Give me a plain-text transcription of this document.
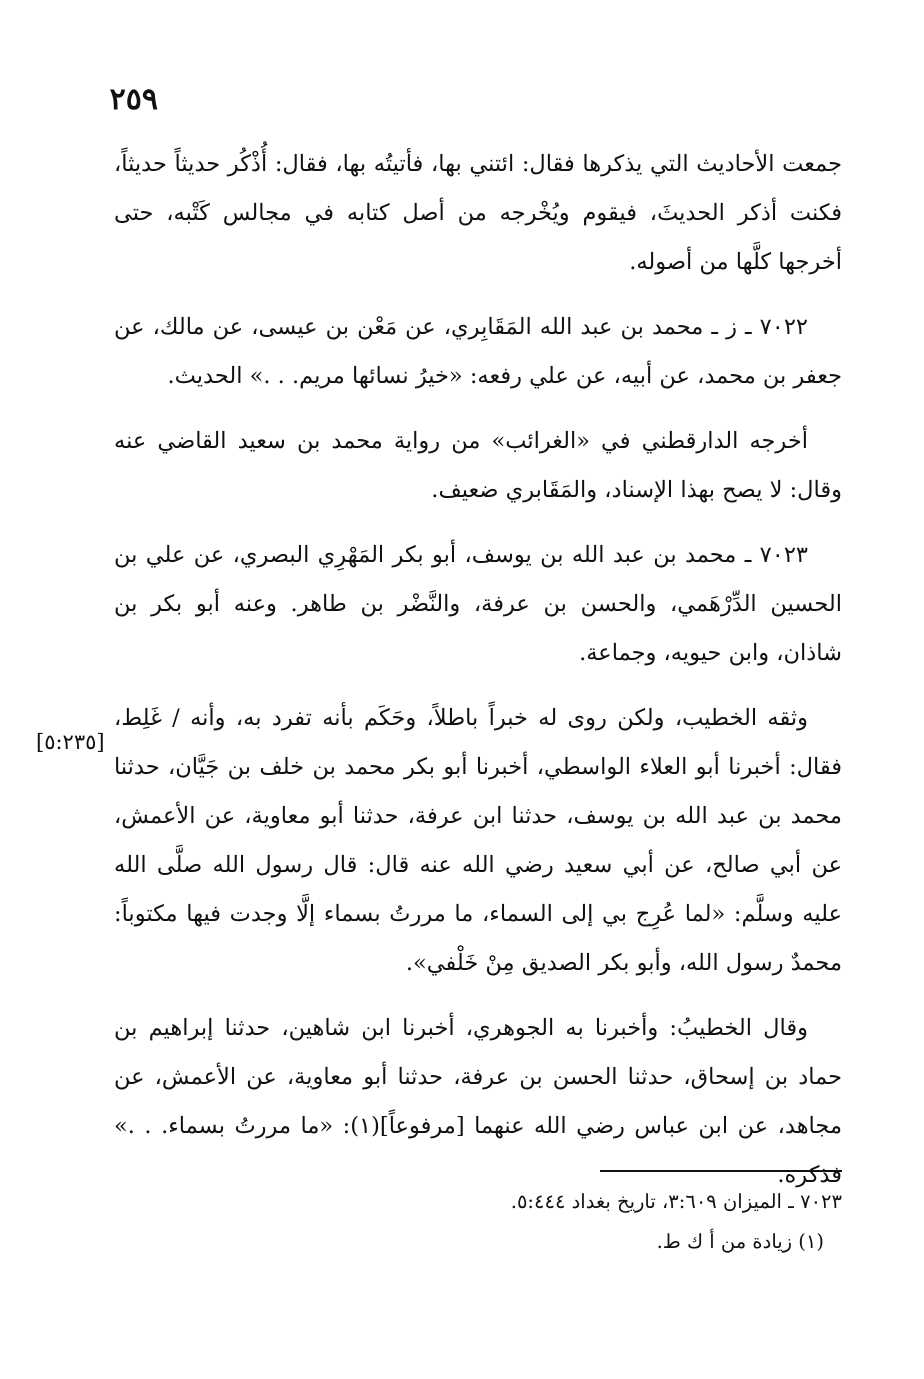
٢٥٩

جمعت الأحاديث التي يذكرها فقال: ائتني بها، فأتيتُه بها، فقال: أُذْكُر حديثاً حديثاً، فكنت أذكر الحديثَ، فيقوم ويُخْرجه من أصل كتابه في مجالس كَتْبه، حتى أخرجها كلَّها من أصوله.

٧٠٢٢ ـ ز ـ محمد بن عبد الله المَقَابِري، عن مَعْن بن عيسى، عن مالك، عن جعفر بن محمد، عن أبيه، عن علي رفعه: «خيرُ نسائها مريم. . .» الحديث.

أخرجه الدارقطني في «الغرائب» من رواية محمد بن سعيد القاضي عنه وقال: لا يصح بهذا الإسناد، والمَقَابري ضعيف.

٧٠٢٣ ـ محمد بن عبد الله بن يوسف، أبو بكر المَهْرِي البصري، عن علي بن الحسين الدِّرْهَمي، والحسن بن عرفة، والنَّضْر بن طاهر. وعنه أبو بكر بن شاذان، وابن حيويه، وجماعة.

وثقه الخطيب، ولكن روى له خبراً باطلاً، وحَكَم بأنه تفرد به، وأنه / غَلِط، فقال: أخبرنا أبو العلاء الواسطي، أخبرنا أبو بكر محمد بن خلف بن جَيَّان، حدثنا محمد بن عبد الله بن يوسف، حدثنا ابن عرفة، حدثنا أبو معاوية، عن الأعمش، عن أبي صالح، عن أبي سعيد رضي الله عنه قال: قال رسول الله صلَّى الله عليه وسلَّم: «لما عُرِج بي إلى السماء، ما مررتُ بسماء إلَّا وجدت فيها مكتوباً: محمدٌ رسول الله، وأبو بكر الصديق مِنْ خَلْفي».

وقال الخطيبُ: وأخبرنا به الجوهري، أخبرنا ابن شاهين، حدثنا إبراهيم بن حماد بن إسحاق، حدثنا الحسن بن عرفة، حدثنا أبو معاوية، عن الأعمش، عن مجاهد، عن ابن عباس رضي الله عنهما [مرفوعاً](١): «ما مررتُ بسماء. . .» فذكره.

[٥:٢٣٥]

٧٠٢٣ ـ الميزان ٣:٦٠٩، تاريخ بغداد ٥:٤٤٤.

(١) زيادة من أ ك ط.
